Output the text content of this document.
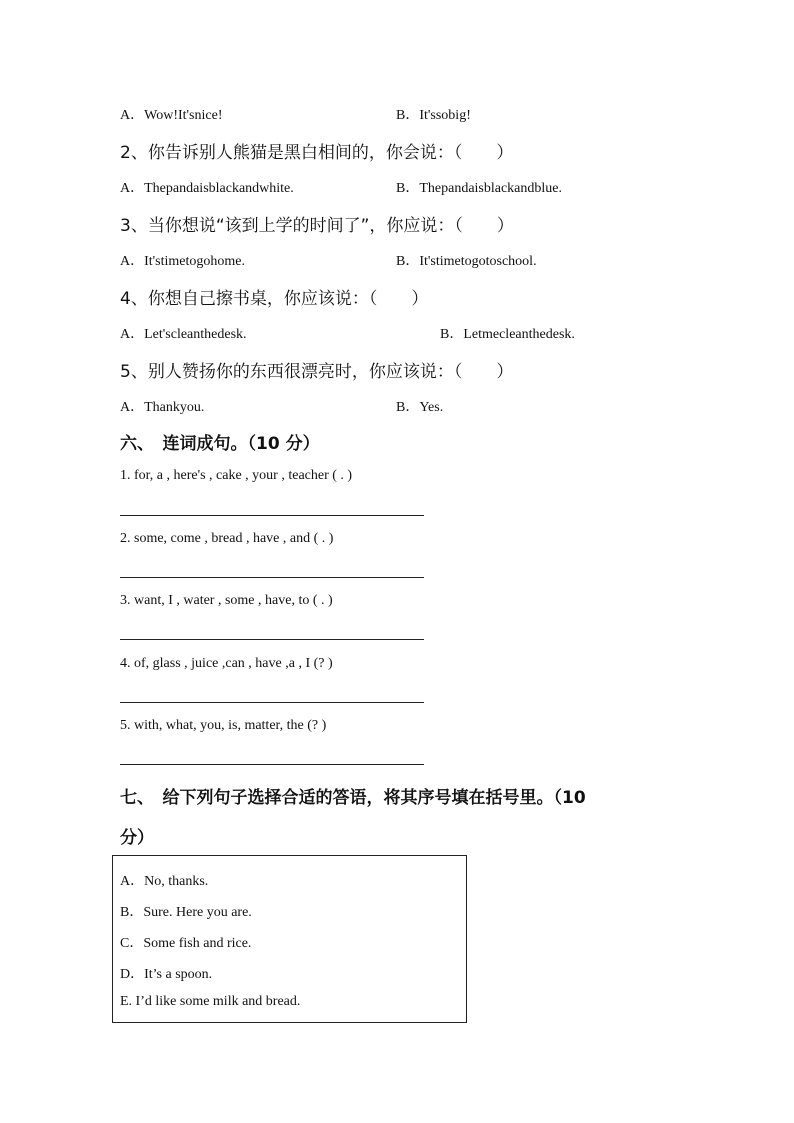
A．Wow!It'snice!	B．It'ssobig!
2、你告诉别人熊猫是黑白相间的，你会说：（　　）
A．Thepandaisblackandwhite.	B．Thepandaisblackandblue.
3、当你想说“该到上学的时间了”，你应说：（　　）
A．It'stimetogohome.	B．It'stimetogotoschool.
4、你想自己擦书桌，你应该说：（　　）
A．Let'scleanthedesk.	B．Letmecleanthedesk.
5、别人赞扬你的东西很漂亮时，你应该说：（　　）
A．Thankyou.	B．Yes.
六、　连词成句。（10 分）
1. for, a , here's , cake , your , teacher ( . )
2. some, come , bread , have , and ( . )
3. want, I , water , some , have, to ( . )
4. of, glass , juice ,can , have ,a , I (? )
5. with, what, you, is, matter, the (? )
七、　给下列句子选择合适的答语，将其序号填在括号里。（10
分）
A．No, thanks.
B．Sure. Here you are.
C．Some fish and rice.
D．It’s a spoon.
E. I’d like some milk and bread.
